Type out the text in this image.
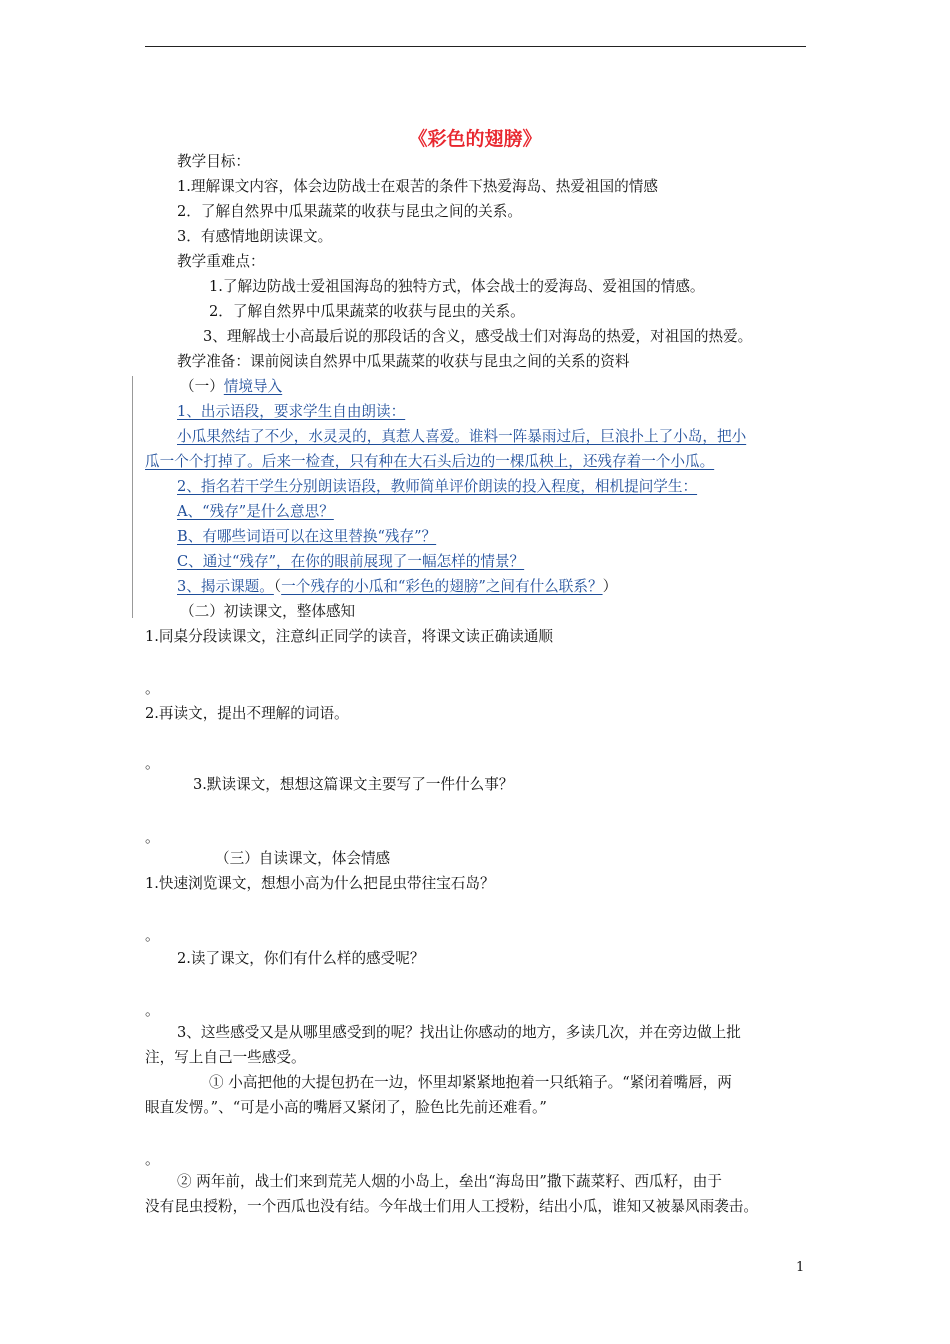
《彩色的翅膀》
教学目标：
1.理解课文内容，体会边防战士在艰苦的条件下热爱海岛、热爱祖国的情感
2．了解自然界中瓜果蔬菜的收获与昆虫之间的关系。
3．有感情地朗读课文。
教学重难点：
1.了解边防战士爱祖国海岛的独特方式，体会战士的爱海岛、爱祖国的情感。
2．了解自然界中瓜果蔬菜的收获与昆虫的关系。
3、理解战士小高最后说的那段话的含义，感受战士们对海岛的热爱，对祖国的热爱。
教学准备：课前阅读自然界中瓜果蔬菜的收获与昆虫之间的关系的资料
（一）情境导入
1、出示语段，要求学生自由朗读：
小瓜果然结了不少，水灵灵的，真惹人喜爱。谁料一阵暴雨过后，巨浪扑上了小岛，把小
瓜一个个打掉了。后来一检查，只有种在大石头后边的一棵瓜秧上，还残存着一个小瓜。
2、指名若干学生分别朗读语段，教师简单评价朗读的投入程度，相机提问学生：
A、“残存”是什么意思？
B、有哪些词语可以在这里替换“残存”？
C、通过“残存”，在你的眼前展现了一幅怎样的情景？
3、揭示课题。（一个残存的小瓜和“彩色的翅膀”之间有什么联系？）
（二）初读课文，整体感知
1.同桌分段读课文，注意纠正同学的读音，将课文读正确读通顺
。
2.再读文，提出不理解的词语。
。
3.默读课文，想想这篇课文主要写了一件什么事？
。
（三）自读课文，体会情感
1.快速浏览课文，想想小高为什么把昆虫带往宝石岛？
。
2.读了课文，你们有什么样的感受呢？
。
3、这些感受又是从哪里感受到的呢？找出让你感动的地方，多读几次，并在旁边做上批
注，写上自己一些感受。
① 小高把他的大提包扔在一边，怀里却紧紧地抱着一只纸箱子。“紧闭着嘴唇，两
眼直发愣。”、“可是小高的嘴唇又紧闭了，脸色比先前还难看。”
。
② 两年前，战士们来到荒芜人烟的小岛上，垒出“海岛田”撒下蔬菜籽、西瓜籽，由于
没有昆虫授粉，一个西瓜也没有结。今年战士们用人工授粉，结出小瓜，谁知又被暴风雨袭击。
1
